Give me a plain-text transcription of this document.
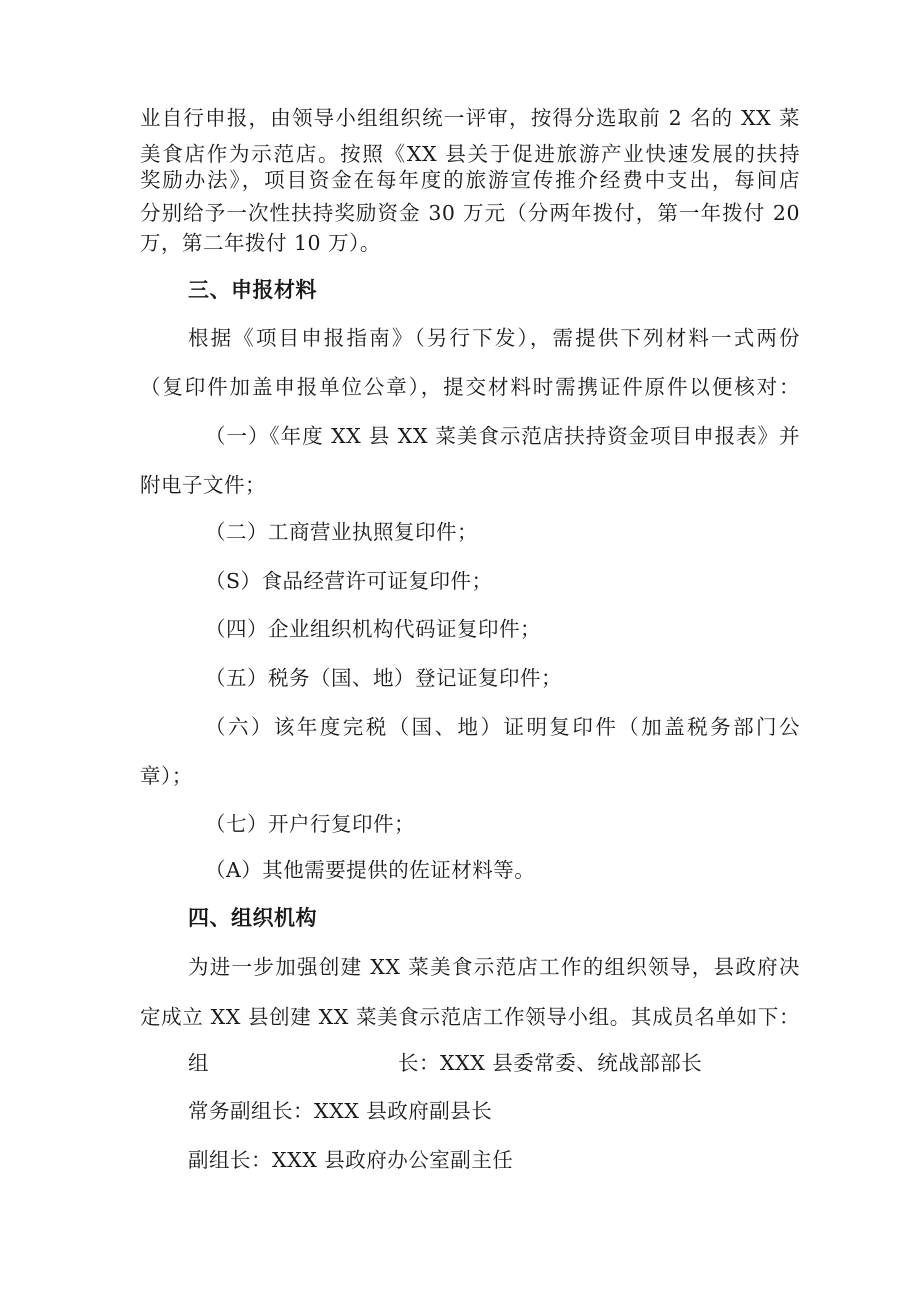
业自行申报，由领导小组组织统一评审，按得分选取前 2 名的 XX 菜
美食店作为示范店。按照《XX 县关于促进旅游产业快速发展的扶持
奖励办法》，项目资金在每年度的旅游宣传推介经费中支出，每间店
分别给予一次性扶持奖励资金 30 万元（分两年拨付，第一年拨付 20
万，第二年拨付 10 万）。
三、申报材料
根据《项目申报指南》（另行下发），需提供下列材料一式两份
（复印件加盖申报单位公章），提交材料时需携证件原件以便核对：
（一）《年度 XX 县 XX 菜美食示范店扶持资金项目申报表》并
附电子文件；
（二）工商营业执照复印件；
（S）食品经营许可证复印件；
（四）企业组织机构代码证复印件；
（五）税务（国、地）登记证复印件；
（六）该年度完税（国、地）证明复印件（加盖税务部门公
章）；
（七）开户行复印件；
（A）其他需要提供的佐证材料等。
四、组织机构
为进一步加强创建 XX 菜美食示范店工作的组织领导，县政府决
定成立 XX 县创建 XX 菜美食示范店工作领导小组。其成员名单如下：
组	长：XXX 县委常委、统战部部长
常务副组长：XXX 县政府副县长
副组长：XXX 县政府办公室副主任
